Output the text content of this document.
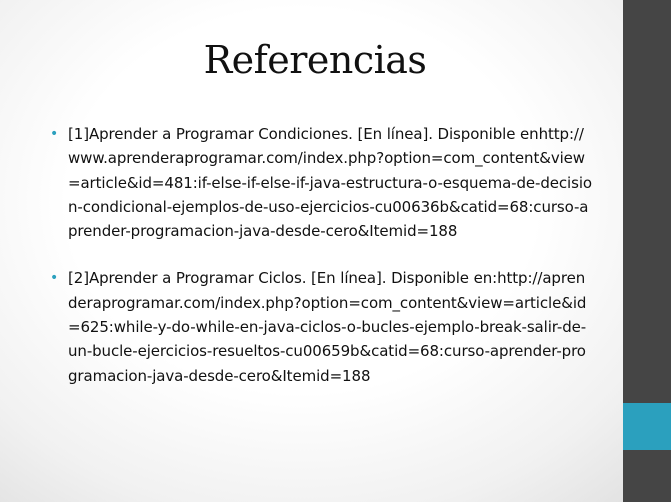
Referencias
• [1]Aprender a Programar Condiciones. [En línea]. Disponible enhttp://www.aprenderaprogramar.com/index.php?option=com_content&view=article&id=481:if-else-if-else-if-java-estructura-o-esquema-de-decision-condicional-ejemplos-de-uso-ejercicios-cu00636b&catid=68:curso-aprender-programacion-java-desde-cero&Itemid=188
• [2]Aprender a Programar Ciclos. [En línea]. Disponible en:http://aprenderaprogramar.com/index.php?option=com_content&view=article&id=625:while-y-do-while-en-java-ciclos-o-bucles-ejemplo-break-salir-de-un-bucle-ejercicios-resueltos-cu00659b&catid=68:curso-aprender-programacion-java-desde-cero&Itemid=188
